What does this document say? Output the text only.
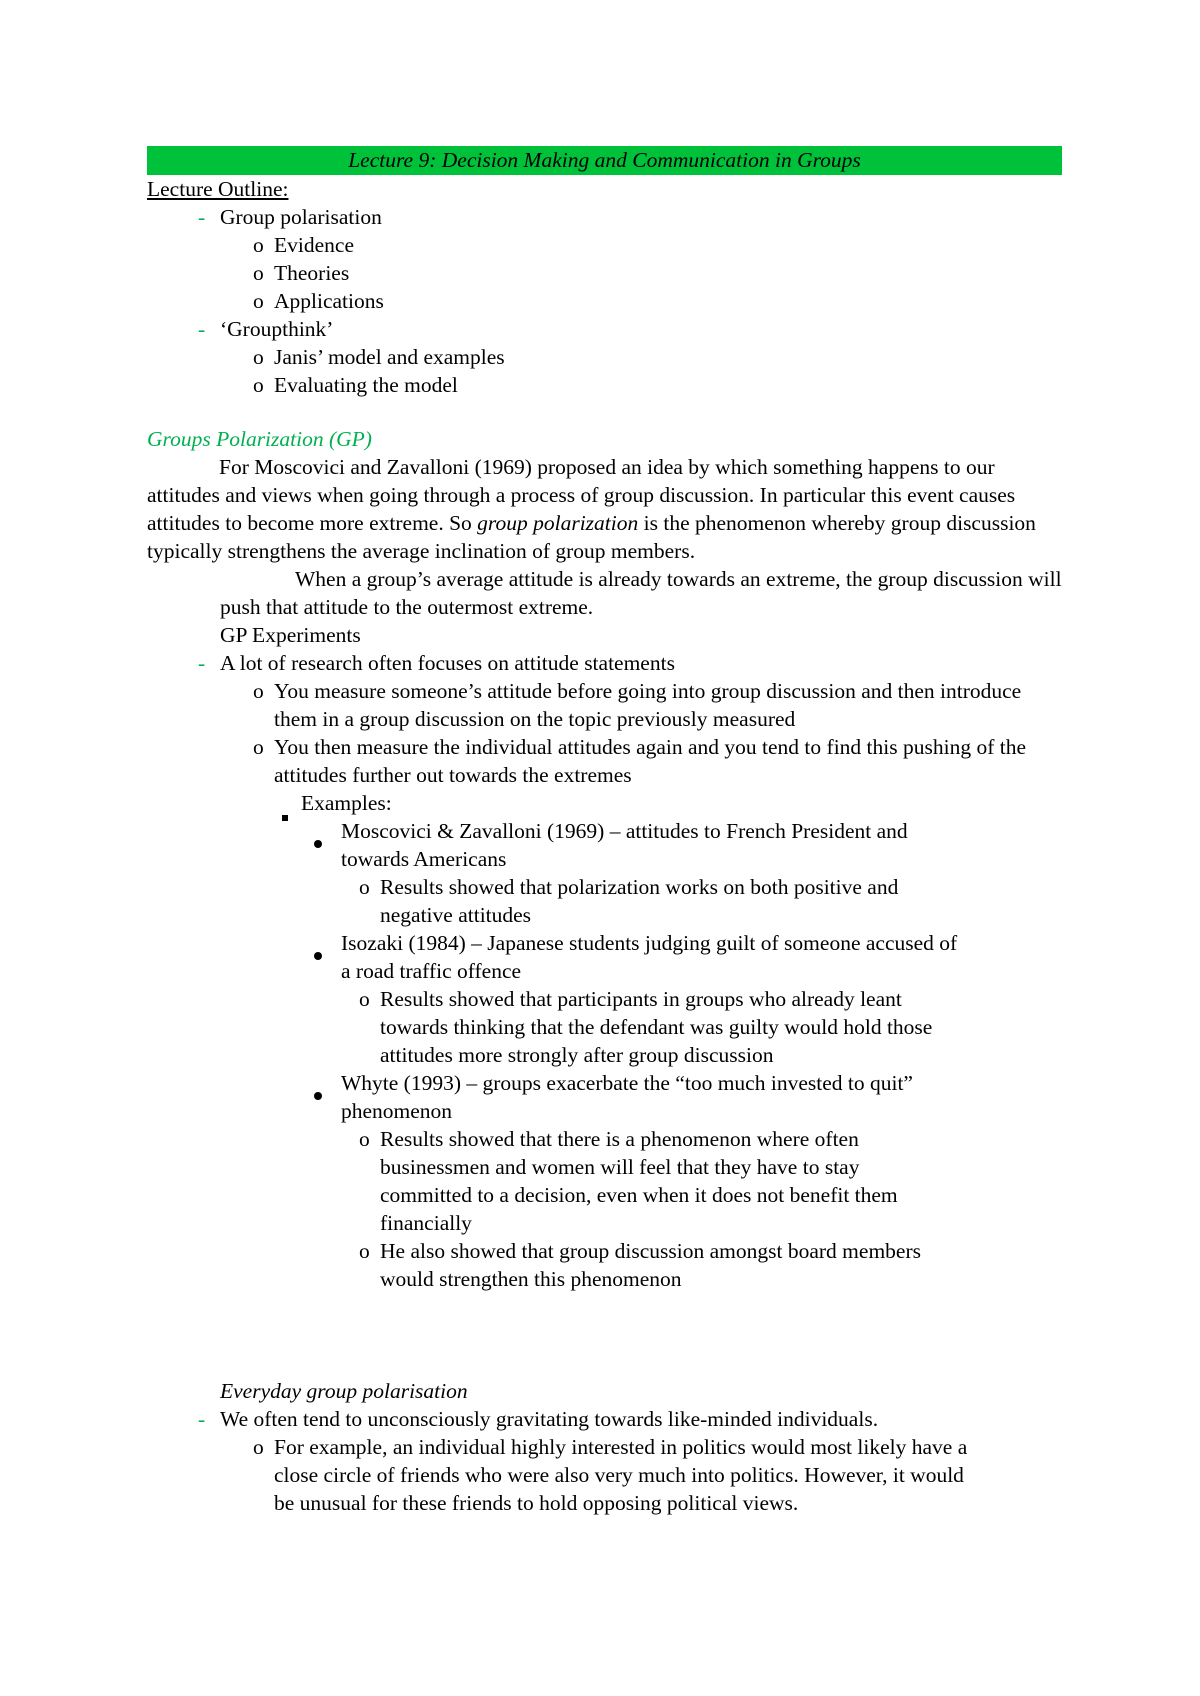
Lecture 9: Decision Making and Communication in Groups
Lecture Outline:
- Group polarisation
o Evidence
o Theories
o Applications
- ‘Groupthink’
o Janis’ model and examples
o Evaluating the model
Groups Polarization (GP)

For Moscovici and Zavalloni (1969) proposed an idea by which something happens to our attitudes and views when going through a process of group discussion. In particular this event causes attitudes to become more extreme. So group polarization is the phenomenon whereby group discussion typically strengthens the average inclination of group members.

When a group’s average attitude is already towards an extreme, the group discussion will push that attitude to the outermost extreme.

GP Experiments
- A lot of research often focuses on attitude statements
o You measure someone’s attitude before going into group discussion and then introduce them in a group discussion on the topic previously measured
o You then measure the individual attitudes again and you tend to find this pushing of the attitudes further out towards the extremes
Examples:
Moscovici & Zavalloni (1969) – attitudes to French President and towards Americans
o Results showed that polarization works on both positive and negative attitudes
Isozaki (1984) – Japanese students judging guilt of someone accused of a road traffic offence
o Results showed that participants in groups who already leant towards thinking that the defendant was guilty would hold those attitudes more strongly after group discussion
Whyte (1993) – groups exacerbate the “too much invested to quit” phenomenon
o Results showed that there is a phenomenon where often businessmen and women will feel that they have to stay committed to a decision, even when it does not benefit them financially
o He also showed that group discussion amongst board members would strengthen this phenomenon
Everyday group polarisation
- We often tend to unconsciously gravitating towards like-minded individuals.
o For example, an individual highly interested in politics would most likely have a close circle of friends who were also very much into politics. However, it would be unusual for these friends to hold opposing political views.
